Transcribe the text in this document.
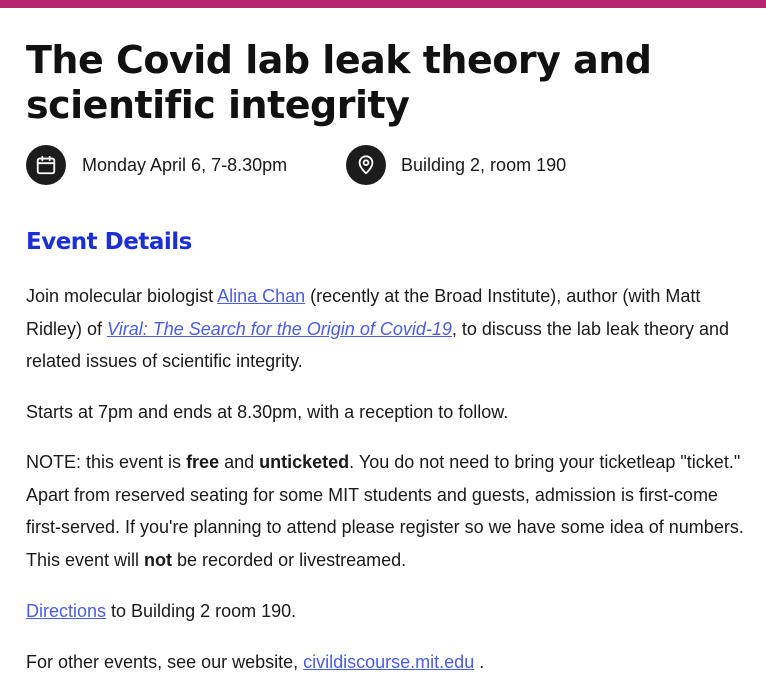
The Covid lab leak theory and scientific integrity
Monday April 6, 7-8.30pm	Building 2, room 190
Event Details

Join molecular biologist Alina Chan (recently at the Broad Institute), author (with Matt Ridley) of Viral: The Search for the Origin of Covid-19, to discuss the lab leak theory and related issues of scientific integrity.

Starts at 7pm and ends at 8.30pm, with a reception to follow.

NOTE: this event is free and unticketed. You do not need to bring your ticketleap "ticket." Apart from reserved seating for some MIT students and guests, admission is first-come first-served. If you're planning to attend please register so we have some idea of numbers. This event will not be recorded or livestreamed.

Directions to Building 2 room 190.

For other events, see our website, civildiscourse.mit.edu .
